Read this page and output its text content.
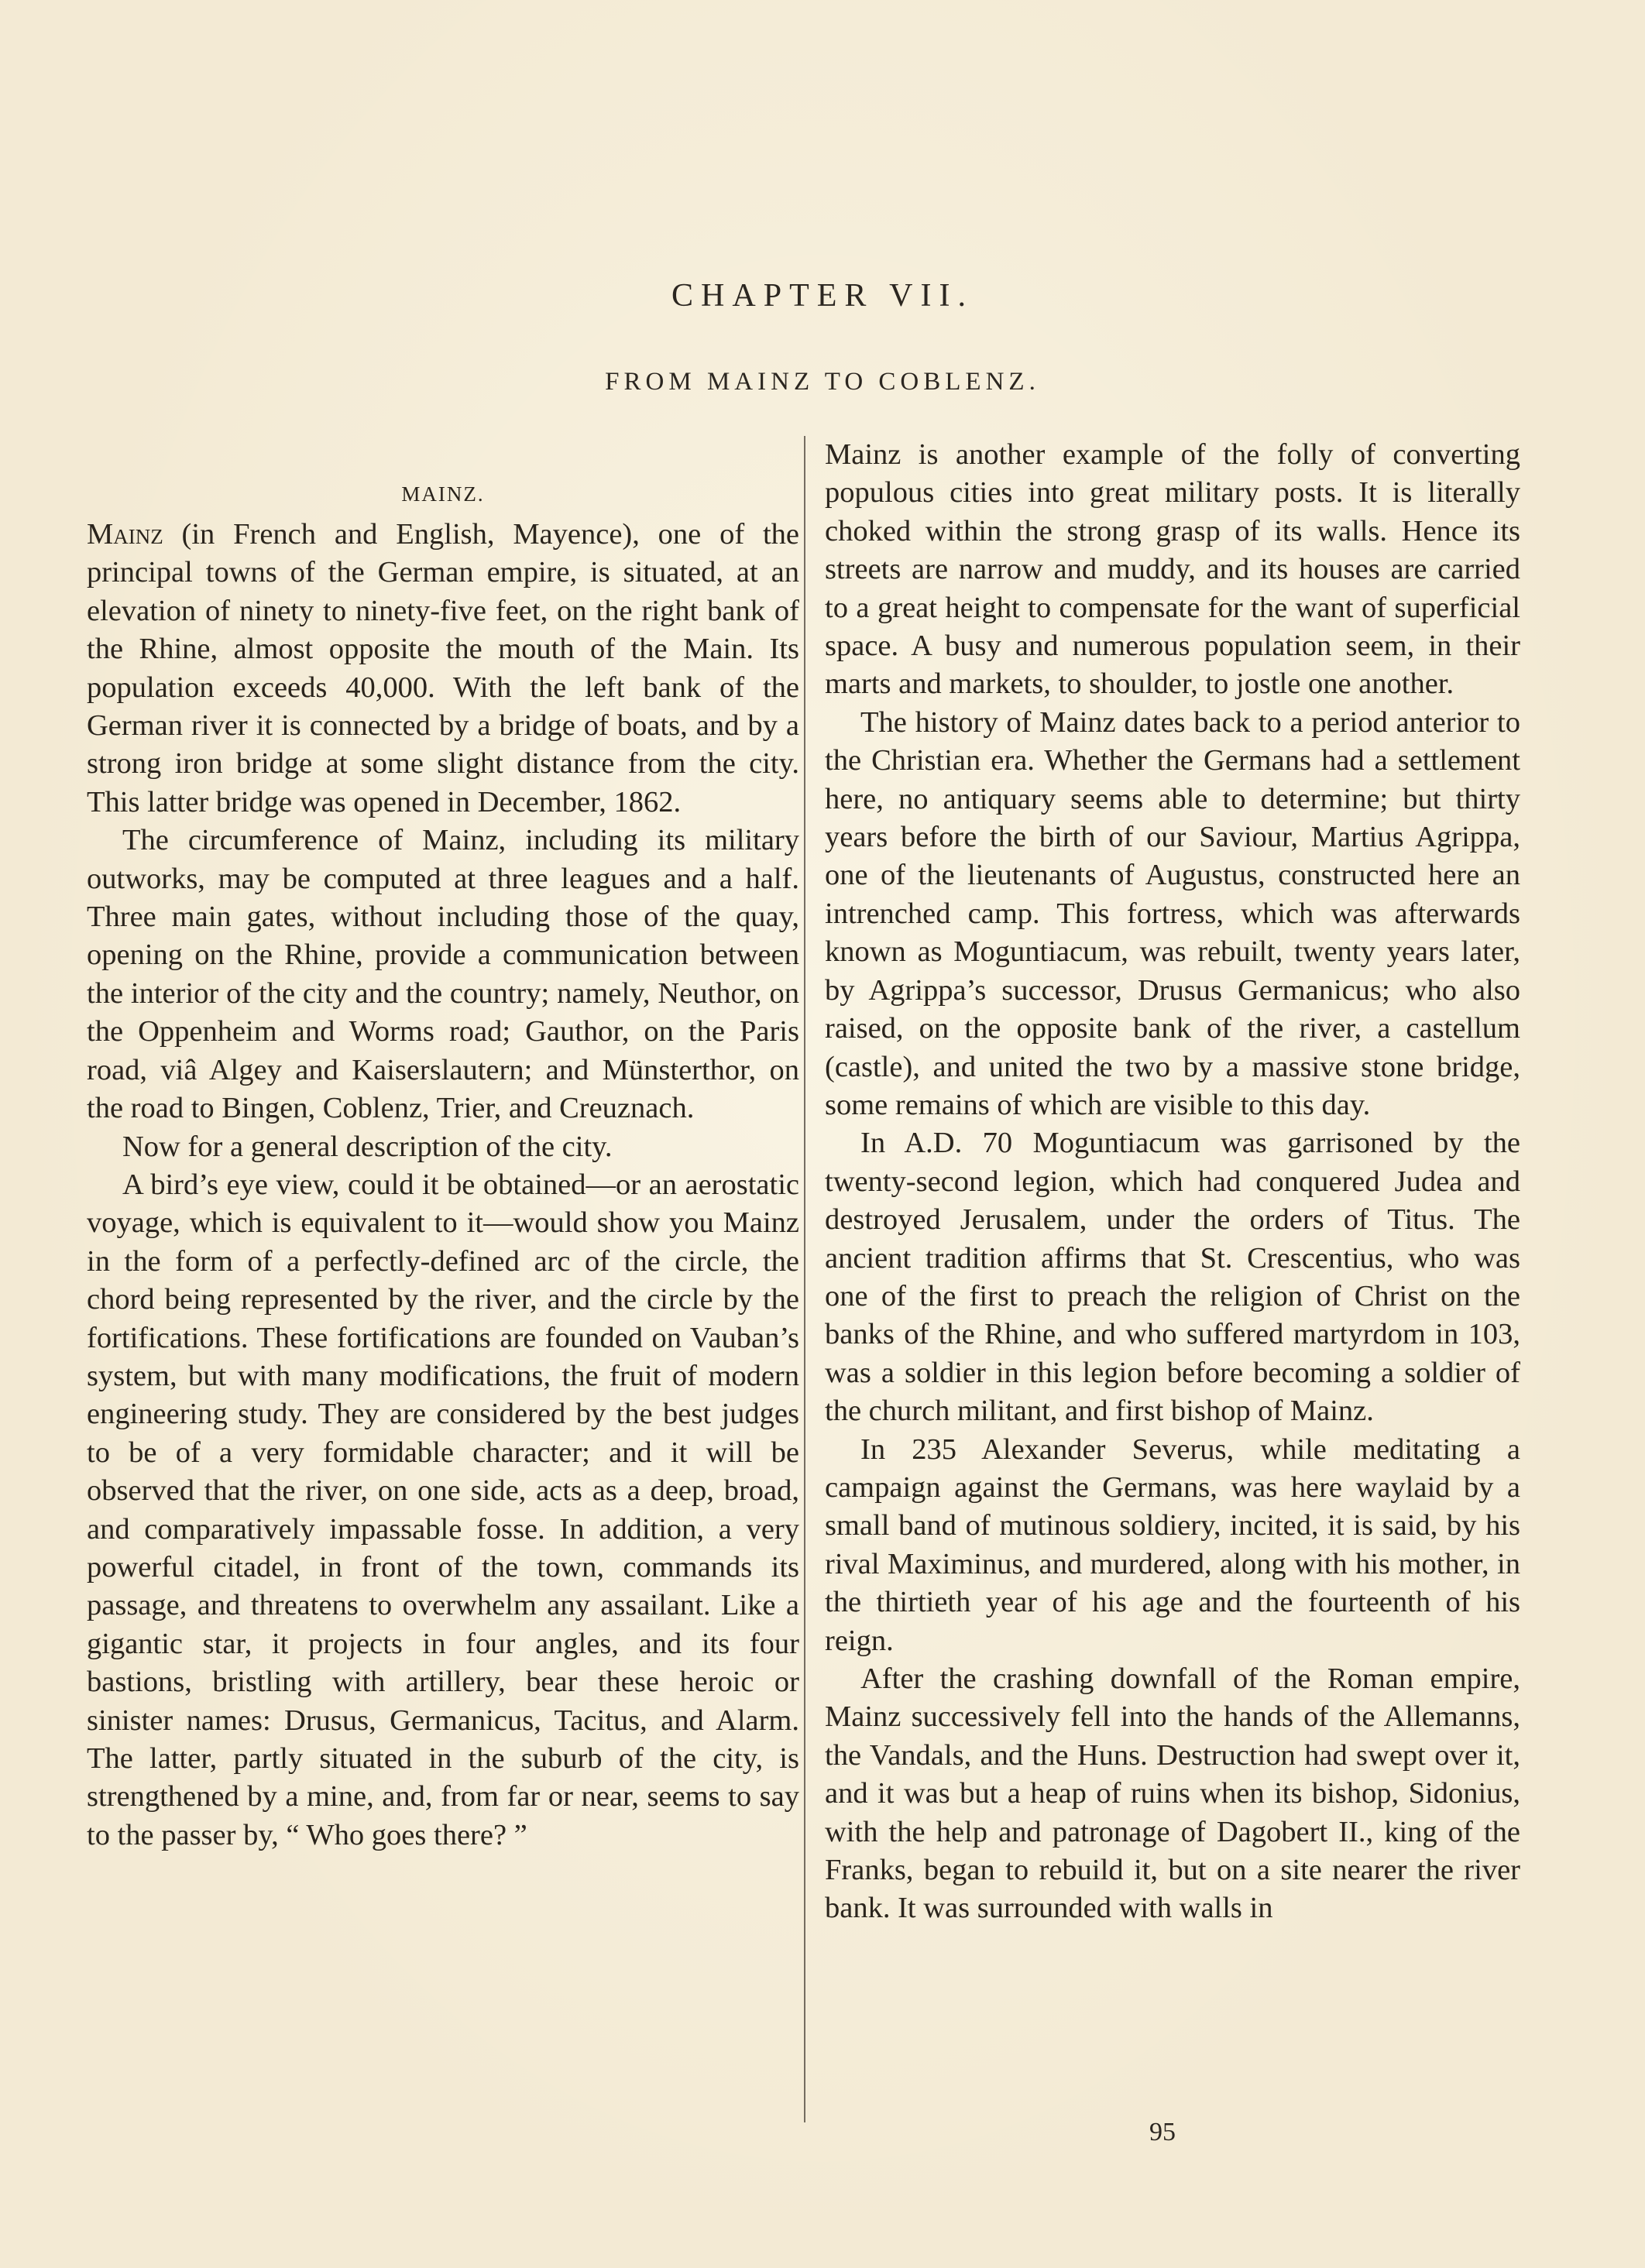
CHAPTER VII.
FROM MAINZ TO COBLENZ.
MAINZ.

Mainz (in French and English, Mayence), one of the principal towns of the German empire, is situated, at an elevation of ninety to ninety-five feet, on the right bank of the Rhine, almost opposite the mouth of the Main. Its population exceeds 40,000. With the left bank of the German river it is connected by a bridge of boats, and by a strong iron bridge at some slight distance from the city. This latter bridge was opened in December, 1862.

The circumference of Mainz, including its military outworks, may be computed at three leagues and a half. Three main gates, without including those of the quay, opening on the Rhine, provide a communication between the interior of the city and the country; namely, Neuthor, on the Oppenheim and Worms road; Gauthor, on the Paris road, viâ Algey and Kaiserslautern; and Münsterthor, on the road to Bingen, Coblenz, Trier, and Creuznach.

Now for a general description of the city.

A bird’s eye view, could it be obtained—or an aerostatic voyage, which is equivalent to it—would show you Mainz in the form of a perfectly-defined arc of the circle, the chord being represented by the river, and the circle by the fortifications. These fortifications are founded on Vauban’s system, but with many modifications, the fruit of modern engineering study. They are considered by the best judges to be of a very formidable character; and it will be observed that the river, on one side, acts as a deep, broad, and comparatively impassable fosse. In addition, a very powerful citadel, in front of the town, commands its passage, and threatens to overwhelm any assailant. Like a gigantic star, it projects in four angles, and its four bastions, bristling with artillery, bear these heroic or sinister names: Drusus, Germanicus, Tacitus, and Alarm. The latter, partly situated in the suburb of the city, is strengthened by a mine, and, from far or near, seems to say to the passer by, “ Who goes there? ”

Mainz is another example of the folly of converting populous cities into great military posts. It is literally choked within the strong grasp of its walls. Hence its streets are narrow and muddy, and its houses are carried to a great height to compensate for the want of superficial space. A busy and numerous population seem, in their marts and markets, to shoulder, to jostle one another.

The history of Mainz dates back to a period anterior to the Christian era. Whether the Germans had a settlement here, no antiquary seems able to determine; but thirty years before the birth of our Saviour, Martius Agrippa, one of the lieutenants of Augustus, constructed here an intrenched camp. This fortress, which was afterwards known as Moguntiacum, was rebuilt, twenty years later, by Agrippa’s successor, Drusus Germanicus; who also raised, on the opposite bank of the river, a castellum (castle), and united the two by a massive stone bridge, some remains of which are visible to this day.

In A.D. 70 Moguntiacum was garrisoned by the twenty-second legion, which had conquered Judea and destroyed Jerusalem, under the orders of Titus. The ancient tradition affirms that St. Crescentius, who was one of the first to preach the religion of Christ on the banks of the Rhine, and who suffered martyrdom in 103, was a soldier in this legion before becoming a soldier of the church militant, and first bishop of Mainz.

In 235 Alexander Severus, while meditating a campaign against the Germans, was here waylaid by a small band of mutinous soldiery, incited, it is said, by his rival Maximinus, and murdered, along with his mother, in the thirtieth year of his age and the fourteenth of his reign.

After the crashing downfall of the Roman empire, Mainz successively fell into the hands of the Allemanns, the Vandals, and the Huns. Destruction had swept over it, and it was but a heap of ruins when its bishop, Sidonius, with the help and patronage of Dagobert II., king of the Franks, began to rebuild it, but on a site nearer the river bank. It was surrounded with walls in

95
